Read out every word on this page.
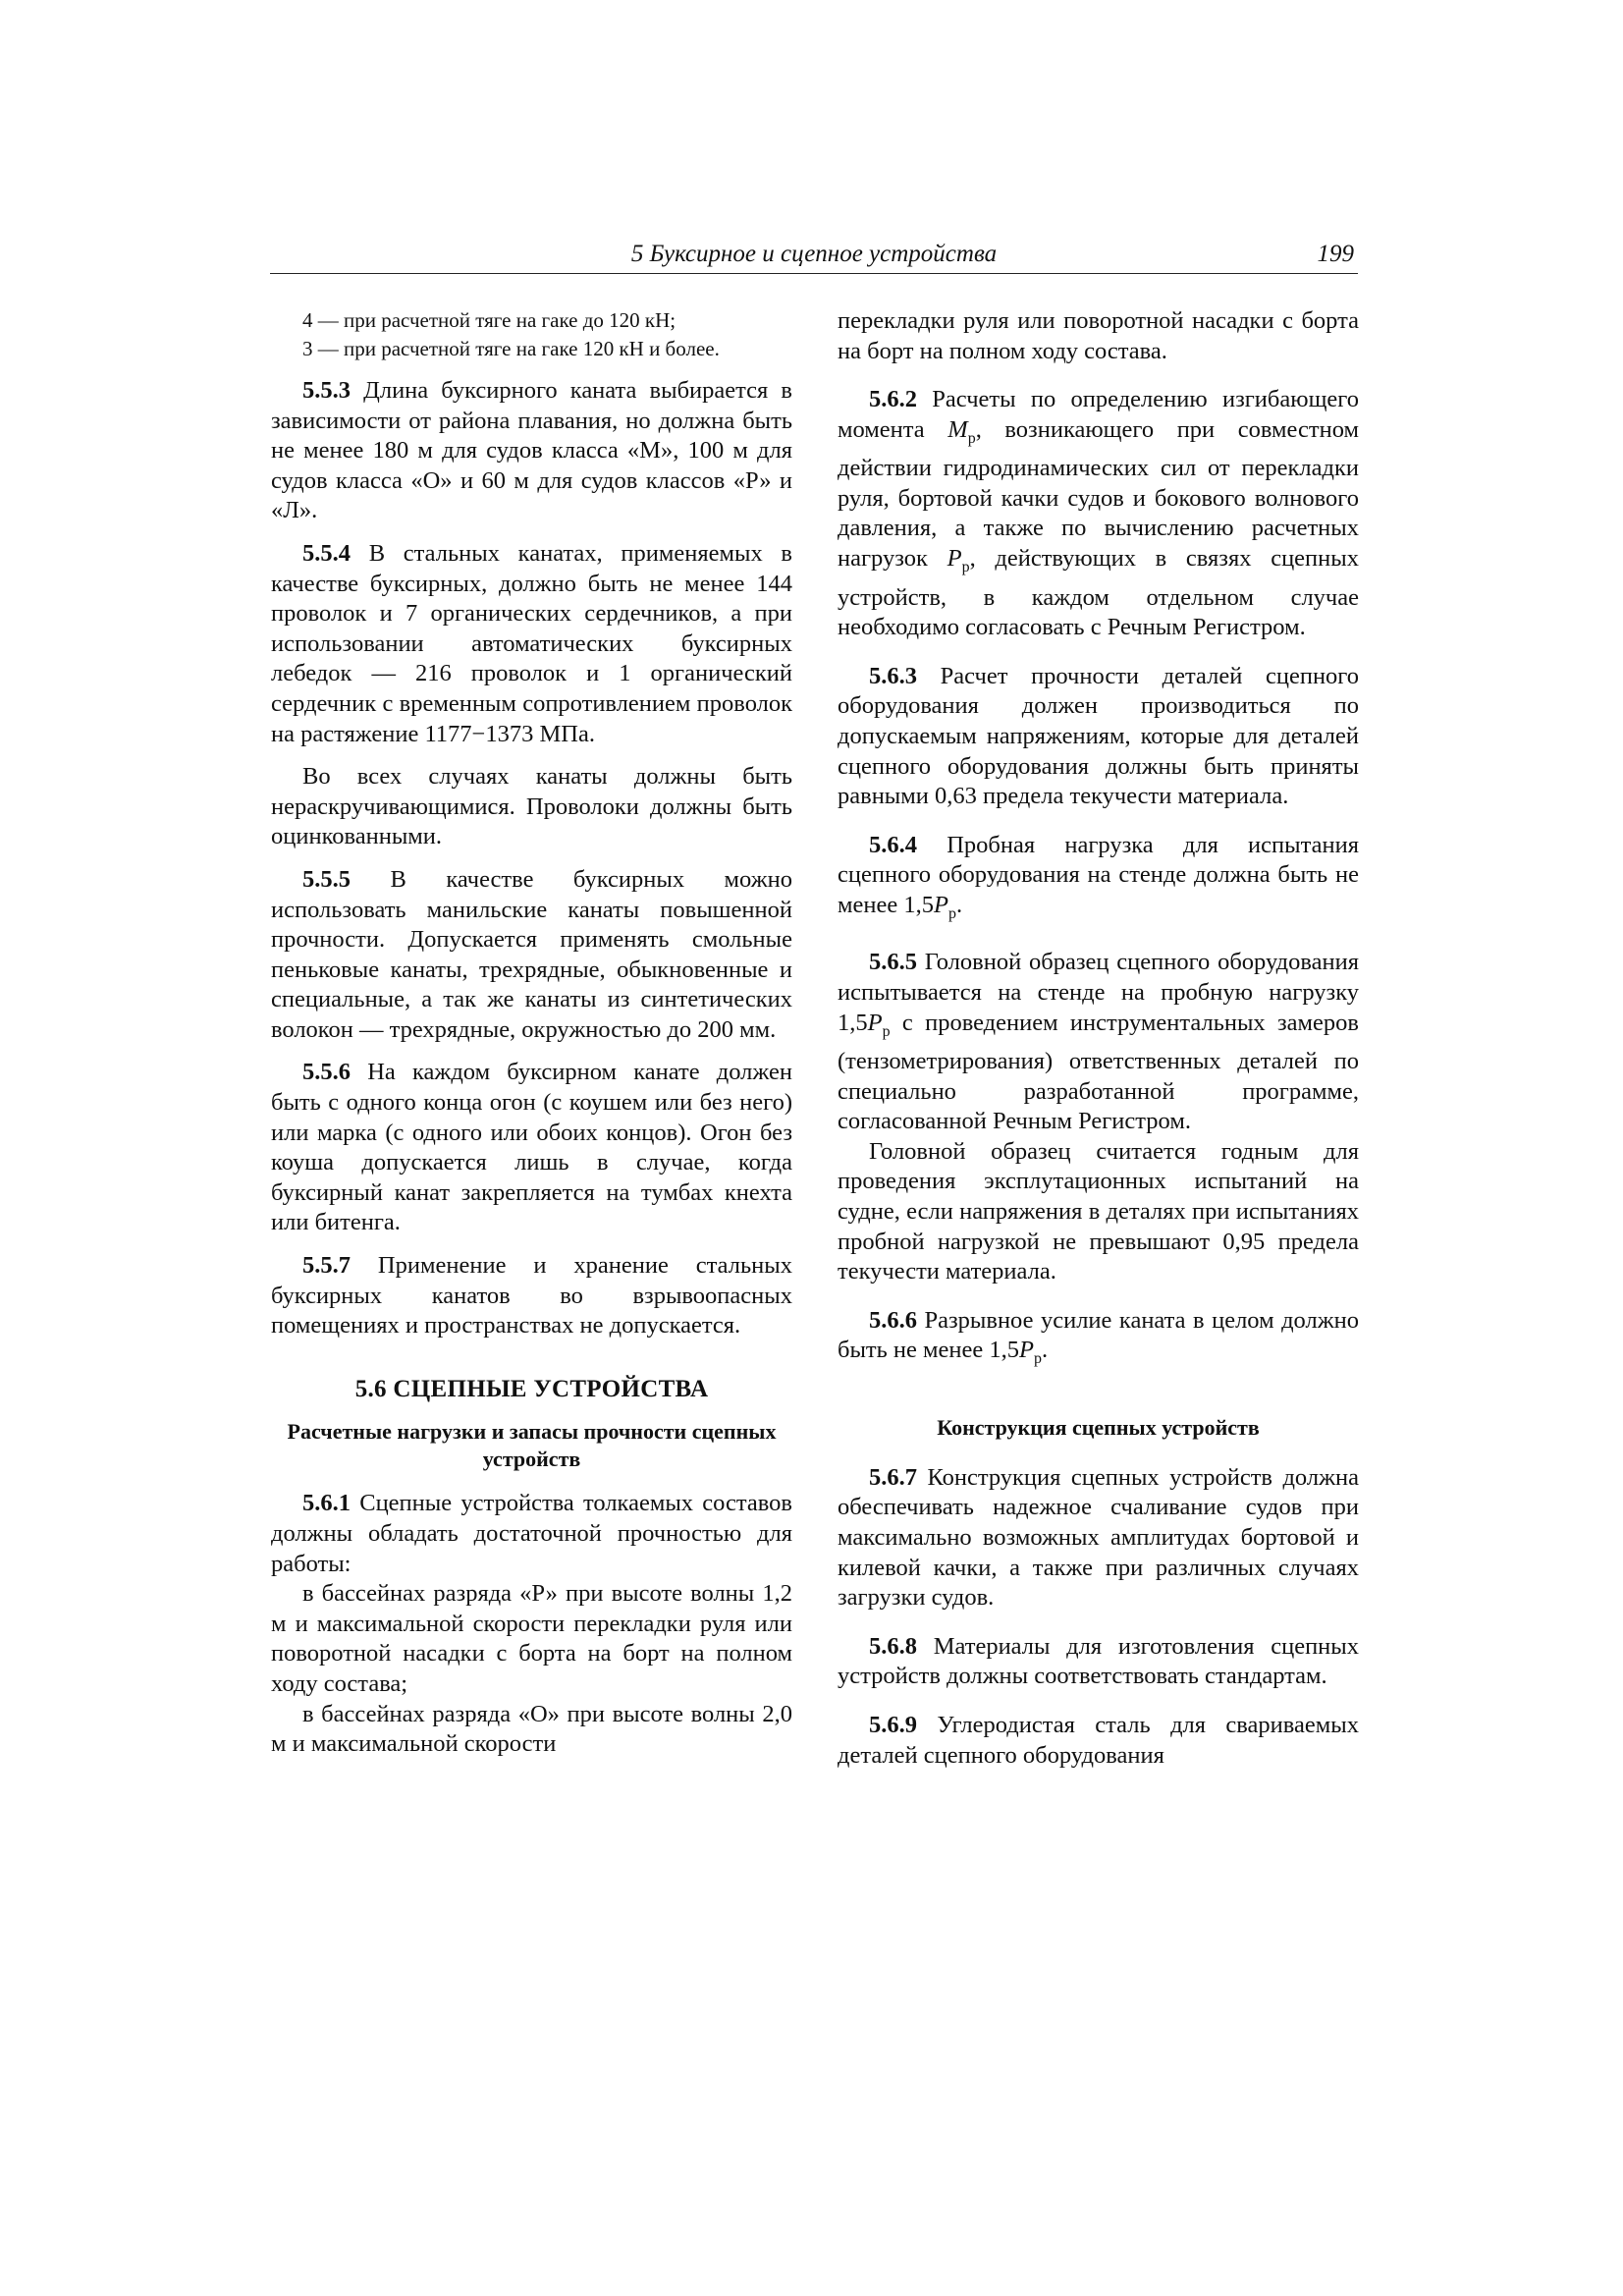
5 Буксирное и сцепное устройства	199

4 — при расчетной тяге на гаке до 120 кН;

3 — при расчетной тяге на гаке 120 кН и более.

5.5.3 Длина буксирного каната выбирается в зависимости от района плавания, но должна быть не менее 180 м для судов класса «М», 100 м для судов класса «О» и 60 м для судов классов «Р» и «Л».

5.5.4 В стальных канатах, применяемых в качестве буксирных, должно быть не менее 144 проволок и 7 органических сердечников, а при использовании автоматических буксирных лебедок — 216 проволок и 1 органический сердечник с временным сопротивлением проволок на растяжение 1177−1373 МПа.

Во всех случаях канаты должны быть нераскручивающимися. Проволоки должны быть оцинкованными.

5.5.5 В качестве буксирных можно использовать манильские канаты повышенной прочности. Допускается применять смольные пеньковые канаты, трехрядные, обыкновенные и специальные, а так же канаты из синтетических волокон — трехрядные, окружностью до 200 мм.

5.5.6 На каждом буксирном канате должен быть с одного конца огон (с коушем или без него) или марка (с одного или обоих концов). Огон без коуша допускается лишь в случае, когда буксирный канат закрепляется на тумбах кнехта или битенга.

5.5.7 Применение и хранение стальных буксирных канатов во взрывоопасных помещениях и пространствах не допускается.

5.6 СЦЕПНЫЕ УСТРОЙСТВА
Расчетные нагрузки и запасы прочности сцепных устройств

5.6.1 Сцепные устройства толкаемых составов должны обладать достаточной прочностью для работы:

в бассейнах разряда «Р» при высоте волны 1,2 м и максимальной скорости перекладки руля или поворотной насадки с борта на борт на полном ходу состава;

в бассейнах разряда «О» при высоте волны 2,0 м и максимальной скорости

перекладки руля или поворотной насадки с борта на борт на полном ходу состава.

5.6.2 Расчеты по определению изгибающего момента $M_р$, возникающего при совместном действии гидродинамических сил от перекладки руля, бортовой качки судов и бокового волнового давления, а также по вычислению расчетных нагрузок $P_р$, действующих в связях сцепных устройств, в каждом отдельном случае необходимо согласовать с Речным Регистром.

5.6.3 Расчет прочности деталей сцепного оборудования должен производиться по допускаемым напряжениям, которые для деталей сцепного оборудования должны быть приняты равными 0,63 предела текучести материала.

5.6.4 Пробная нагрузка для испытания сцепного оборудования на стенде должна быть не менее $1,5P_р$.

5.6.5 Головной образец сцепного оборудования испытывается на стенде на пробную нагрузку $1,5P_р$ с проведением инструментальных замеров (тензометрирования) ответственных деталей по специально разработанной программе, согласованной Речным Регистром.

Головной образец считается годным для проведения эксплутационных испытаний на судне, если напряжения в деталях при испытаниях пробной нагрузкой не превышают 0,95 предела текучести материала.

5.6.6 Разрывное усилие каната в целом должно быть не менее $1,5P_р$.

Конструкция сцепных устройств

5.6.7 Конструкция сцепных устройств должна обеспечивать надежное счаливание судов при максимально возможных амплитудах бортовой и килевой качки, а также при различных случаях загрузки судов.

5.6.8 Материалы для изготовления сцепных устройств должны соответствовать стандартам.

5.6.9 Углеродистая сталь для свариваемых деталей сцепного оборудования
